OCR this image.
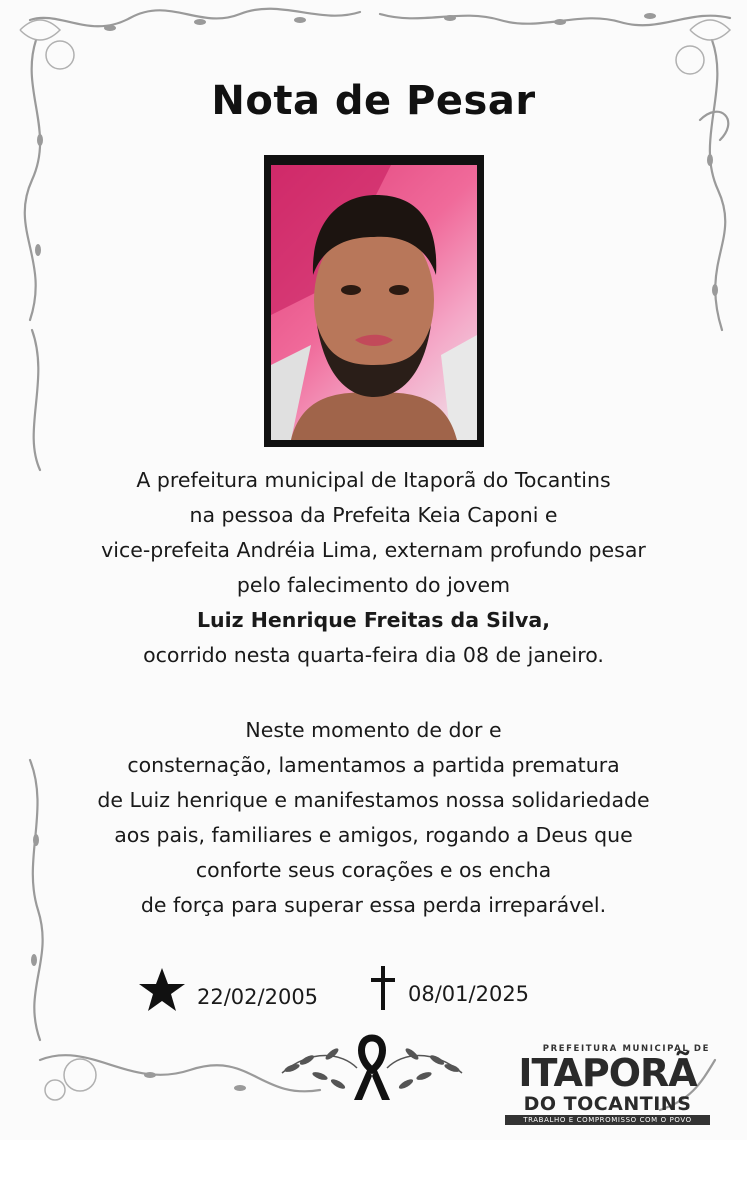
Nota de Pesar
A prefeitura municipal de Itaporã do Tocantins
na pessoa da Prefeita Keia Caponi e
vice-prefeita Andréia Lima, externam profundo pesar
pelo falecimento do jovem
Luiz Henrique Freitas da Silva,
ocorrido nesta quarta-feira dia 08 de janeiro.
Neste momento de dor e
consternação, lamentamos a partida prematura
de Luiz henrique e manifestamos nossa solidariedade
aos pais, familiares e amigos, rogando a Deus que
conforte seus corações e os encha
de força para superar essa perda irreparável.
22/02/2005	08/01/2025
PREFEITURA MUNICIPAL DE
ITAPORÃ
DO TOCANTINS
TRABALHO E COMPROMISSO COM O POVO
